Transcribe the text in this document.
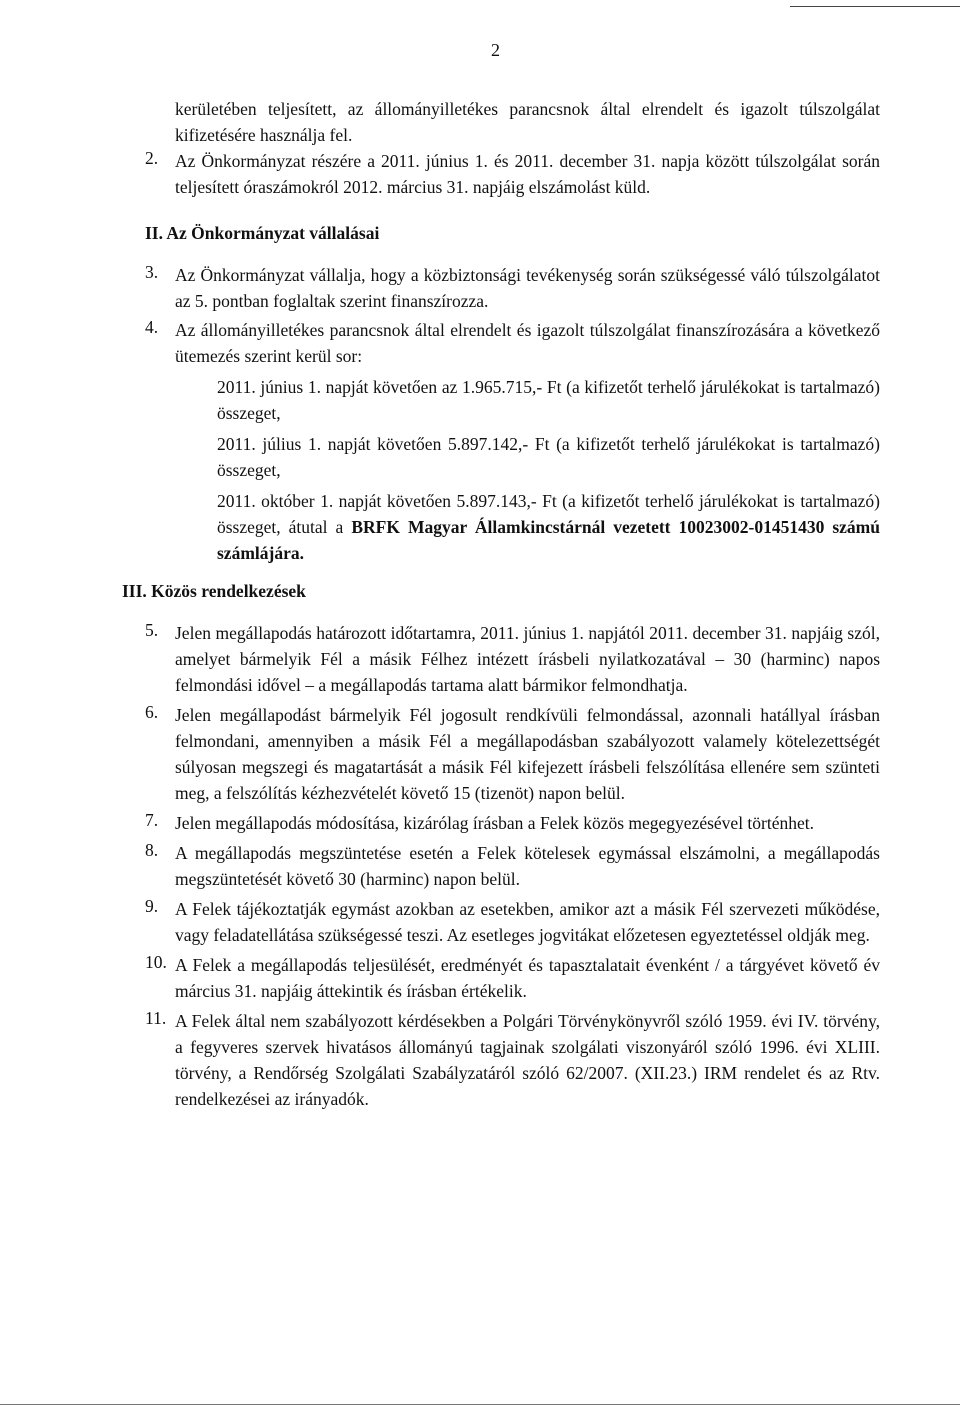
2

kerületében teljesített, az állományilletékes parancsnok által elrendelt és igazolt túlszolgálat kifizetésére használja fel.

2. Az Önkormányzat részére a 2011. június 1. és 2011. december 31. napja között túlszolgálat során teljesített óraszámokról 2012. március 31. napjáig elszámolást küld.

II. Az Önkormányzat vállalásai

3. Az Önkormányzat vállalja, hogy a közbiztonsági tevékenység során szükségessé váló túlszolgálatot az 5. pontban foglaltak szerint finanszírozza.

4. Az állományilletékes parancsnok által elrendelt és igazolt túlszolgálat finanszírozására a következő ütemezés szerint kerül sor:

2011. június 1. napját követően az 1.965.715,- Ft (a kifizetőt terhelő járulékokat is tartalmazó) összeget,

2011. július 1. napját követően 5.897.142,- Ft (a kifizetőt terhelő járulékokat is tartalmazó) összeget,

2011. október 1. napját követően 5.897.143,- Ft (a kifizetőt terhelő járulékokat is tartalmazó) összeget, átutal a BRFK Magyar Államkincstárnál vezetett 10023002-01451430 számú számlájára.

III. Közös rendelkezések

5. Jelen megállapodás határozott időtartamra, 2011. június 1. napjától 2011. december 31. napjáig szól, amelyet bármelyik Fél a másik Félhez intézett írásbeli nyilatkozatával – 30 (harminc) napos felmondási idővel – a megállapodás tartama alatt bármikor felmondhatja.

6. Jelen megállapodást bármelyik Fél jogosult rendkívüli felmondással, azonnali hatállyal írásban felmondani, amennyiben a másik Fél a megállapodásban szabályozott valamely kötelezettségét súlyosan megszegi és magatartását a másik Fél kifejezett írásbeli felszólítása ellenére sem szünteti meg, a felszólítás kézhezvételét követő 15 (tizenöt) napon belül.

7. Jelen megállapodás módosítása, kizárólag írásban a Felek közös megegyezésével történhet.

8. A megállapodás megszüntetése esetén a Felek kötelesek egymással elszámolni, a megállapodás megszüntetését követő 30 (harminc) napon belül.

9. A Felek tájékoztatják egymást azokban az esetekben, amikor azt a másik Fél szervezeti működése, vagy feladatellátása szükségessé teszi. Az esetleges jogvitákat előzetesen egyeztetéssel oldják meg.

10. A Felek a megállapodás teljesülését, eredményét és tapasztalatait évenként / a tárgyévet követő év március 31. napjáig áttekintik és írásban értékelik.

11. A Felek által nem szabályozott kérdésekben a Polgári Törvénykönyvről szóló 1959. évi IV. törvény, a fegyveres szervek hivatásos állományú tagjainak szolgálati viszonyáról szóló 1996. évi XLIII. törvény, a Rendőrség Szolgálati Szabályzatáról szóló 62/2007. (XII.23.) IRM rendelet és az Rtv. rendelkezései az irányadók.
